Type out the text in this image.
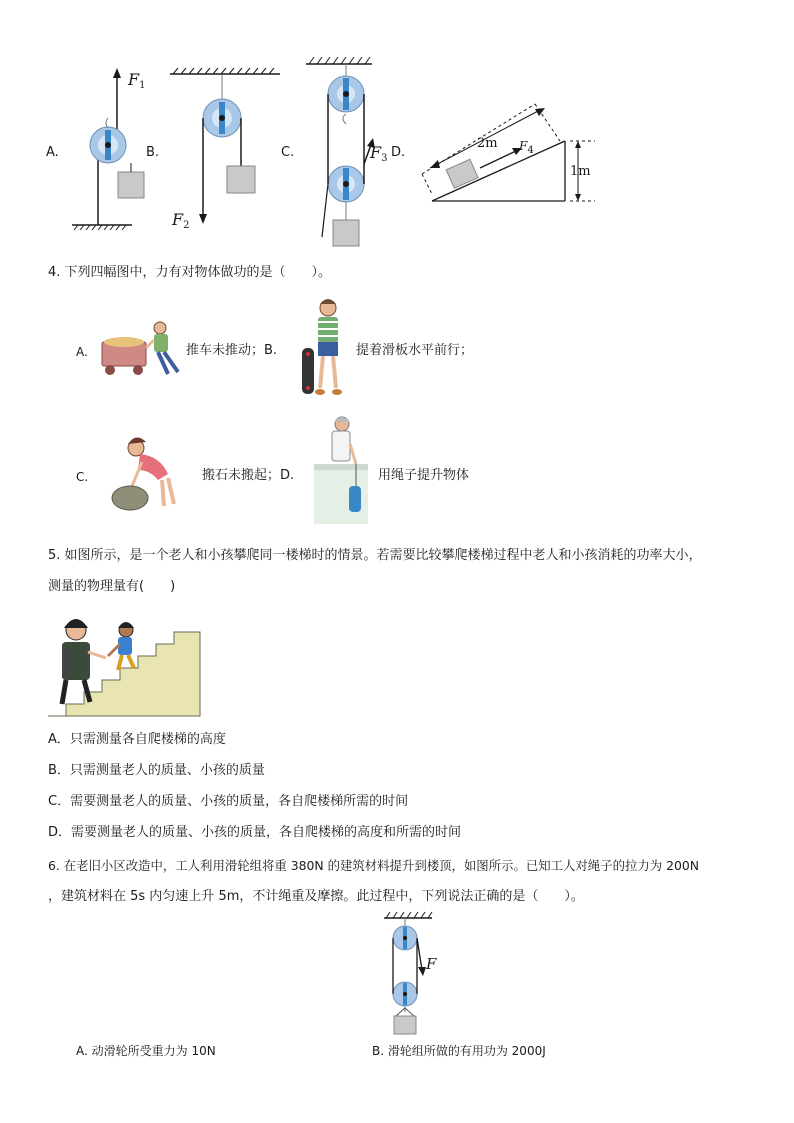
A.	B.	C.	D.
$F_1$
$F_2$
$F_3$
2m $F_4$
1m
4. 下列四幅图中，力有对物体做功的是（　　）。
A.	推车未推动；B.	提着滑板水平前行；
C.	搬石未搬起；D.	用绳子提升物体
5. 如图所示，是一个老人和小孩攀爬同一楼梯时的情景。若需要比较攀爬楼梯过程中老人和小孩消耗的功率大小，
测量的物理量有(　　)
A．只需测量各自爬楼梯的高度
B．只需测量老人的质量、小孩的质量
C．需要测量老人的质量、小孩的质量，各自爬楼梯所需的时间
D．需要测量老人的质量、小孩的质量，各自爬楼梯的高度和所需的时间
6. 在老旧小区改造中，工人利用滑轮组将重 380N 的建筑材料提升到楼顶，如图所示。已知工人对绳子的拉力为 200N
，建筑材料在 5s 内匀速上升 5m，不计绳重及摩擦。此过程中，下列说法正确的是（　　）。
F
A. 动滑轮所受重力为 10N	B. 滑轮组所做的有用功为 2000J
